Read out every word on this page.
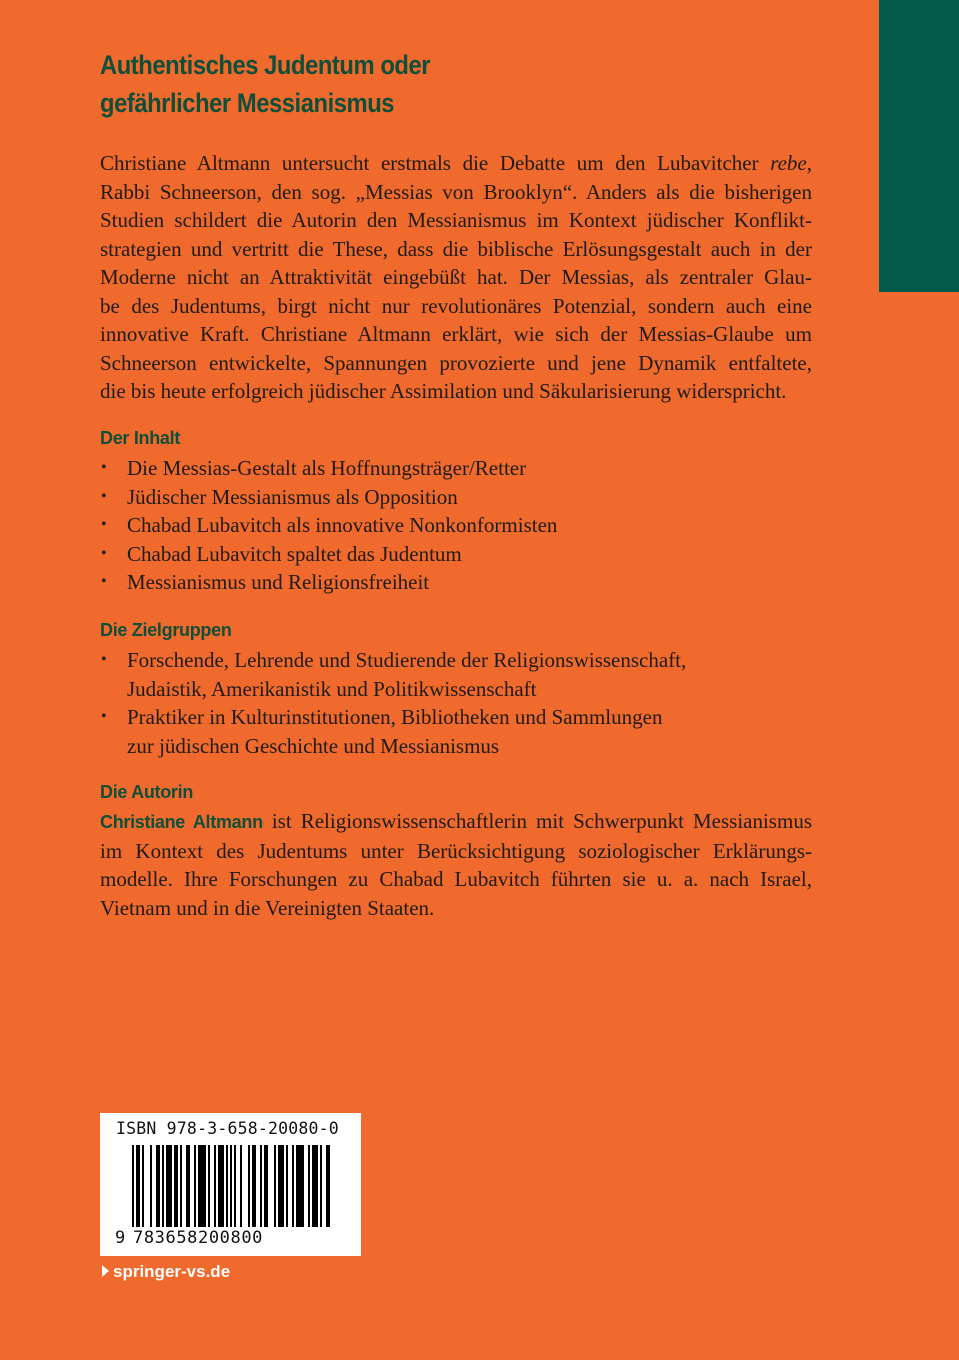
Authentisches Judentum oder
gefährlicher Messianismus
Christiane Altmann untersucht erstmals die Debatte um den Lubavitcher rebe,
Rabbi Schneerson, den sog. „Messias von Brooklyn“. Anders als die bisherigen
Studien schildert die Autorin den Messianismus im Kontext jüdischer Konflikt-
strategien und vertritt die These, dass die biblische Erlösungsgestalt auch in der
Moderne nicht an Attraktivität eingebüßt hat. Der Messias, als zentraler Glau-
be des Judentums, birgt nicht nur revolutionäres Potenzial, sondern auch eine
innovative Kraft. Christiane Altmann erklärt, wie sich der Messias-Glaube um
Schneerson entwickelte, Spannungen provozierte und jene Dynamik entfaltete,
die bis heute erfolgreich jüdischer Assimilation und Säkularisierung widerspricht.
Der Inhalt
• Die Messias-Gestalt als Hoffnungsträger/Retter
• Jüdischer Messianismus als Opposition
• Chabad Lubavitch als innovative Nonkonformisten
• Chabad Lubavitch spaltet das Judentum
• Messianismus und Religionsfreiheit
Die Zielgruppen
• Forschende, Lehrende und Studierende der Religionswissenschaft,
Judaistik, Amerikanistik und Politikwissenschaft
• Praktiker in Kulturinstitutionen, Bibliotheken und Sammlungen
zur jüdischen Geschichte und Messianismus
Die Autorin
Christiane Altmann ist Religionswissenschaftlerin mit Schwerpunkt Messianismus
im Kontext des Judentums unter Berücksichtigung soziologischer Erklärungs-
modelle. Ihre Forschungen zu Chabad Lubavitch führten sie u. a. nach Israel,
Vietnam und in die Vereinigten Staaten.
ISBN 978-3-658-20080-0
9 783658200800
springer-vs.de
